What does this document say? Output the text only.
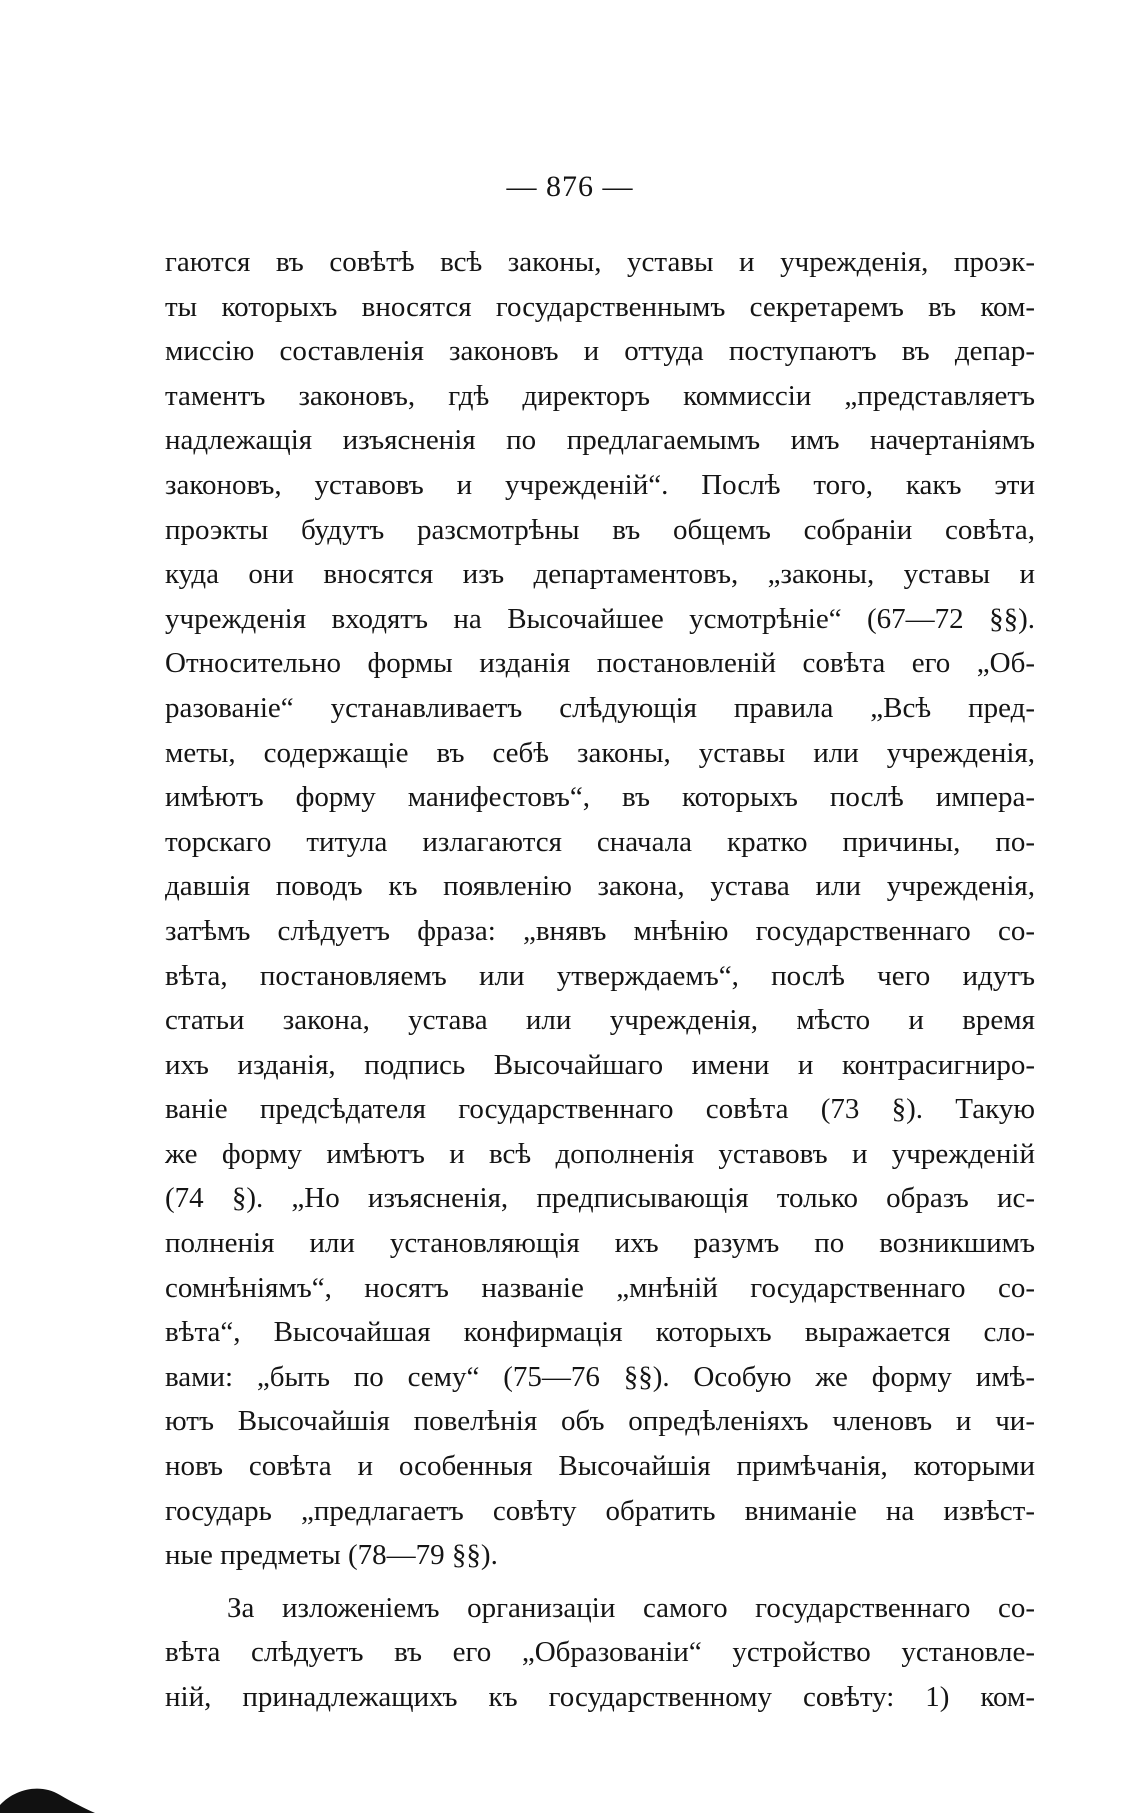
— 876 —
гаются въ совѣтѣ всѣ законы, уставы и учрежденія, проэк-
ты которыхъ вносятся государственнымъ секретаремъ въ ком-
миссію составленія законовъ и оттуда поступаютъ въ депар-
таментъ законовъ, гдѣ директоръ коммиссіи „представляетъ
надлежащія изъясненія по предлагаемымъ имъ начертаніямъ
законовъ, уставовъ и учрежденій“. Послѣ того, какъ эти
проэкты будутъ разсмотрѣны въ общемъ собраніи совѣта,
куда они вносятся изъ департаментовъ, „законы, уставы и
учрежденія входятъ на Высочайшее усмотрѣніе“ (67—72 §§).
Относительно формы изданія постановленій совѣта его „Об-
разованіе“ устанавливаетъ слѣдующія правила „Всѣ пред-
меты, содержащіе въ себѣ законы, уставы или учрежденія,
имѣютъ форму манифестовъ“, въ которыхъ послѣ импера-
торскаго титула излагаются сначала кратко причины, по-
давшія поводъ къ появленію закона, устава или учрежденія,
затѣмъ слѣдуетъ фраза: „внявъ мнѣнію государственнаго со-
вѣта, постановляемъ или утверждаемъ“, послѣ чего идутъ
статьи закона, устава или учрежденія, мѣсто и время
ихъ изданія, подпись Высочайшаго имени и контрасигниро-
ваніе предсѣдателя государственнаго совѣта (73 §). Такую
же форму имѣютъ и всѣ дополненія уставовъ и учрежденій
(74 §). „Но изъясненія, предписывающія только образъ ис-
полненія или установляющія ихъ разумъ по возникшимъ
сомнѣніямъ“, носятъ названіе „мнѣній государственнаго со-
вѣта“, Высочайшая конфирмація которыхъ выражается сло-
вами: „быть по сему“ (75—76 §§). Особую же форму имѣ-
ютъ Высочайшія повелѣнія объ опредѣленіяхъ членовъ и чи-
новъ совѣта и особенныя Высочайшія примѣчанія, которыми
государь „предлагаетъ совѣту обратить вниманіе на извѣст-
ные предметы (78—79 §§).
За изложеніемъ организаціи самого государственнаго со-
вѣта слѣдуетъ въ его „Образованіи“ устройство установле-
ній, принадлежащихъ къ государственному совѣту: 1) ком-
